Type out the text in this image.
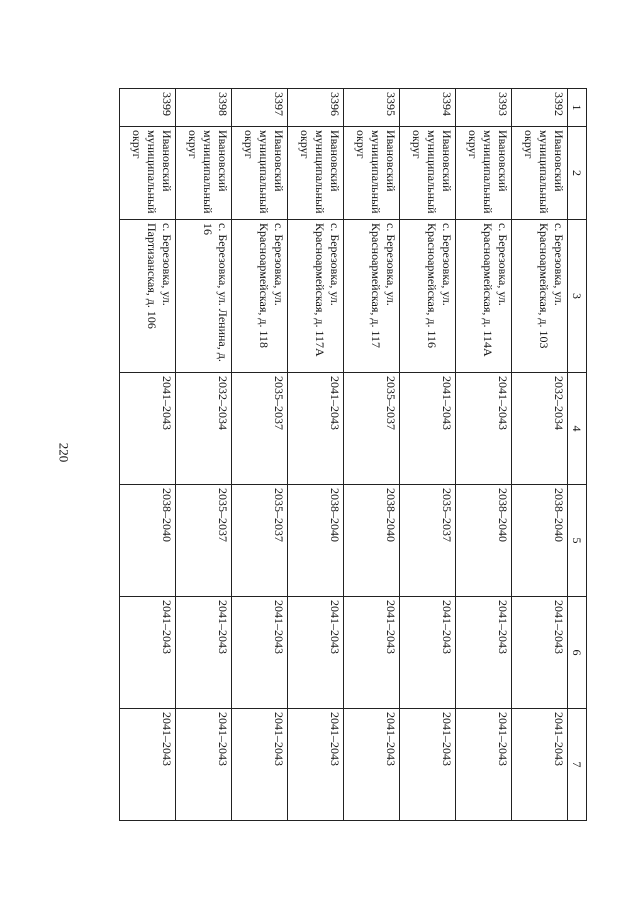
220
1	2	3	4	5	6	7
3392	Ивановский муниципальный округ	с. Березовка, ул. Красноармейская, д. 103	2032–2034	2038–2040	2041–2043	2041–2043
3393	Ивановский муниципальный округ	с. Березовка, ул. Красноармейская, д. 114А	2041–2043	2038–2040	2041–2043	2041–2043
3394	Ивановский муниципальный округ	с. Березовка, ул. Красноармейская, д. 116	2041–2043	2035–2037	2041–2043	2041–2043
3395	Ивановский муниципальный округ	с. Березовка, ул. Красноармейская, д. 117	2035–2037	2038–2040	2041–2043	2041–2043
3396	Ивановский муниципальный округ	с. Березовка, ул. Красноармейская, д. 117А	2041–2043	2038–2040	2041–2043	2041–2043
3397	Ивановский муниципальный округ	с. Березовка, ул. Красноармейская, д. 118	2035–2037	2035–2037	2041–2043	2041–2043
3398	Ивановский муниципальный округ	с. Березовка, ул. Ленина, д. 16	2032–2034	2035–2037	2041–2043	2041–2043
3399	Ивановский муниципальный округ	с. Березовка, ул. Партизанская, д. 106	2041–2043	2038–2040	2041–2043	2041–2043
